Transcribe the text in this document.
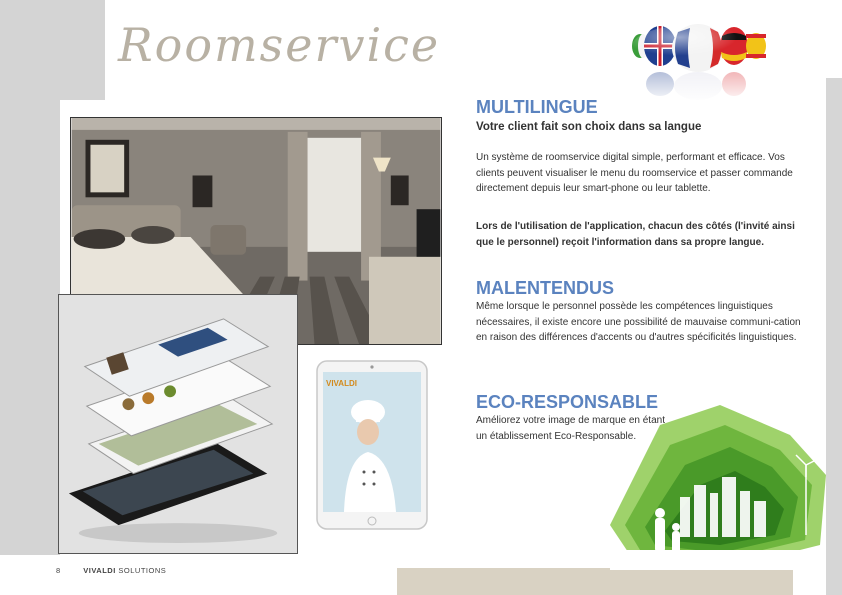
Roomservice
VIVALDI
MULTILINGUE
Votre client fait son choix dans sa langue
Un système de roomservice digital simple, performant et efficace. Vos clients peuvent visualiser le menu du roomservice et passer commande directement depuis leur smart-phone ou leur tablette.
Lors de l'utilisation de l'application, chacun des côtés (l'invité ainsi que le personnel) reçoit l'information dans sa propre langue.
MALENTENDUS
Même lorsque le personnel possède les compétences linguistiques nécessaires, il existe encore une possibilité de mauvaise communi-cation en raison des différences d'accents ou d'autres spécificités linguistiques.
ECO-RESPONSABLE
Améliorez votre image de marque en étant un établissement Eco-Responsable.
8	VIVALDI SOLUTIONS
